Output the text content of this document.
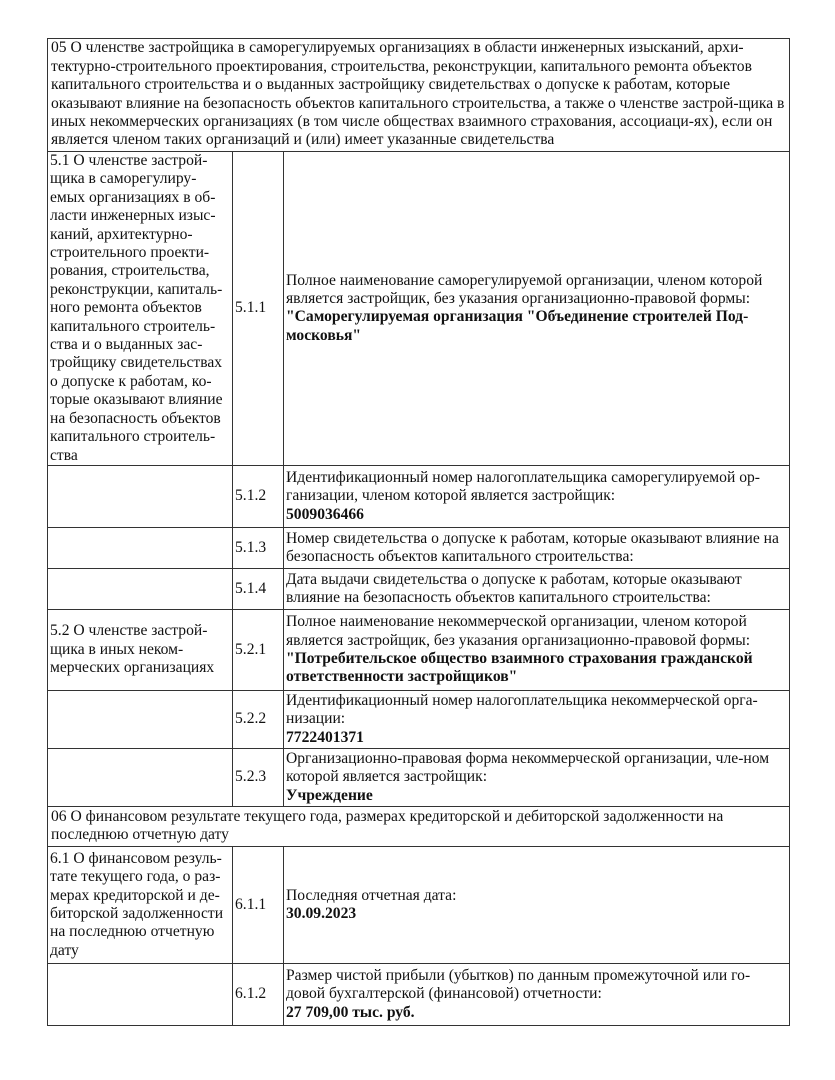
05 О членстве застройщика в саморегулируемых организациях в области инженерных изысканий, архи-тектурно-строительного проектирования, строительства, реконструкции, капитального ремонта объектов капитального строительства и о выданных застройщику свидетельствах о допуске к работам, которые оказывают влияние на безопасность объектов капитального строительства, а также о членстве застрой-щика в иных некоммерческих организациях (в том числе обществах взаимного страхования, ассоциаци-ях), если он является членом таких организаций и (или) имеет указанные свидетельства		
5.1 О членстве застрой-щика в саморегулиру-емых организациях в об-ласти инженерных изыс-каний, архитектурно-строительного проекти-рования, строительства, реконструкции, капиталь-ного ремонта объектов капитального строитель-ства и о выданных зас-тройщику свидетельствах о допуске к работам, ко-торые оказывают влияние на безопасность объектов капитального строитель-ства	5.1.1	Полное наименование саморегулируемой организации, членом которой является застройщик, без указания организационно-правовой формы:
"Саморегулируемая организация "Объединение строителей Под-московья"

	5.1.2	Идентификационный номер налогоплательщика саморегулируемой ор-ганизации, членом которой является застройщик:
5009036466

	5.1.3	Номер свидетельства о допуске к работам, которые оказывают влияние на безопасность объектов капитального строительства:

	5.1.4	Дата выдачи свидетельства о допуске к работам, которые оказывают влияние на безопасность объектов капитального строительства:

5.2 О членстве застрой-щика в иных неком-мерческих организациях	5.2.1	Полное наименование некоммерческой организации, членом которой является застройщик, без указания организационно-правовой формы:
"Потребительское общество взаимного страхования гражданской ответственности застройщиков"

	5.2.2	Идентификационный номер налогоплательщика некоммерческой орга-низации:
7722401371

	5.2.3	Организационно-правовая форма некоммерческой организации, чле-ном которой является застройщик:
Учреждение

06 О финансовом результате текущего года, размерах кредиторской и дебиторской задолженности на последнюю отчетную дату		
6.1 О финансовом резуль-тате текущего года, о раз-мерах кредиторской и де-биторской задолженности на последнюю отчетную дату	6.1.1	Последняя отчетная дата:
30.09.2023

	6.1.2	Размер чистой прибыли (убытков) по данным промежуточной или го-довой бухгалтерской (финансовой) отчетности:
27 709,00 тыс. руб.
